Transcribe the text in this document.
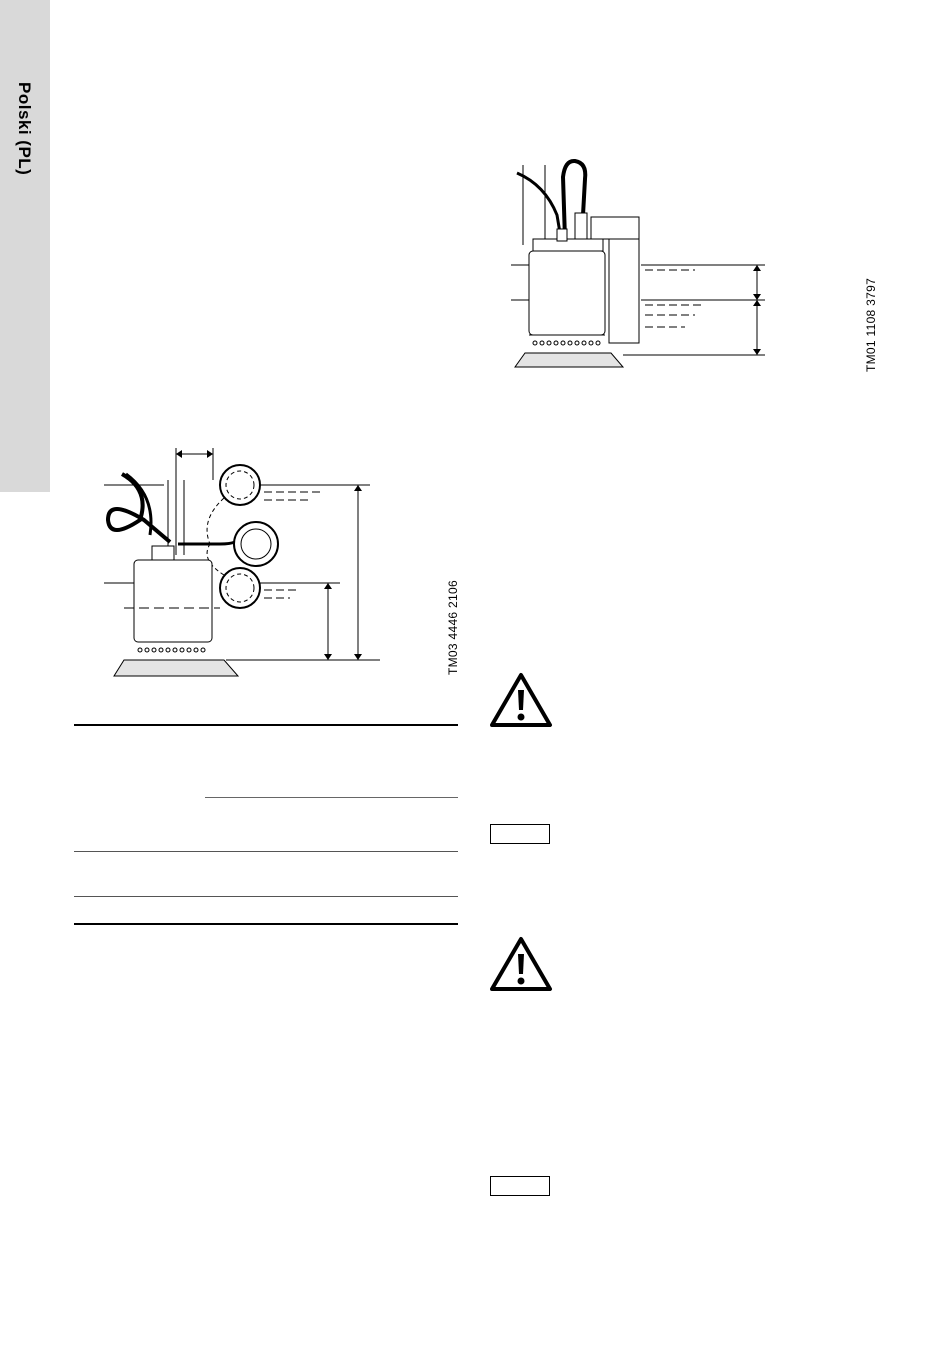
Polski (PL)
TM01 1108 3797
TM03 4446 2106
